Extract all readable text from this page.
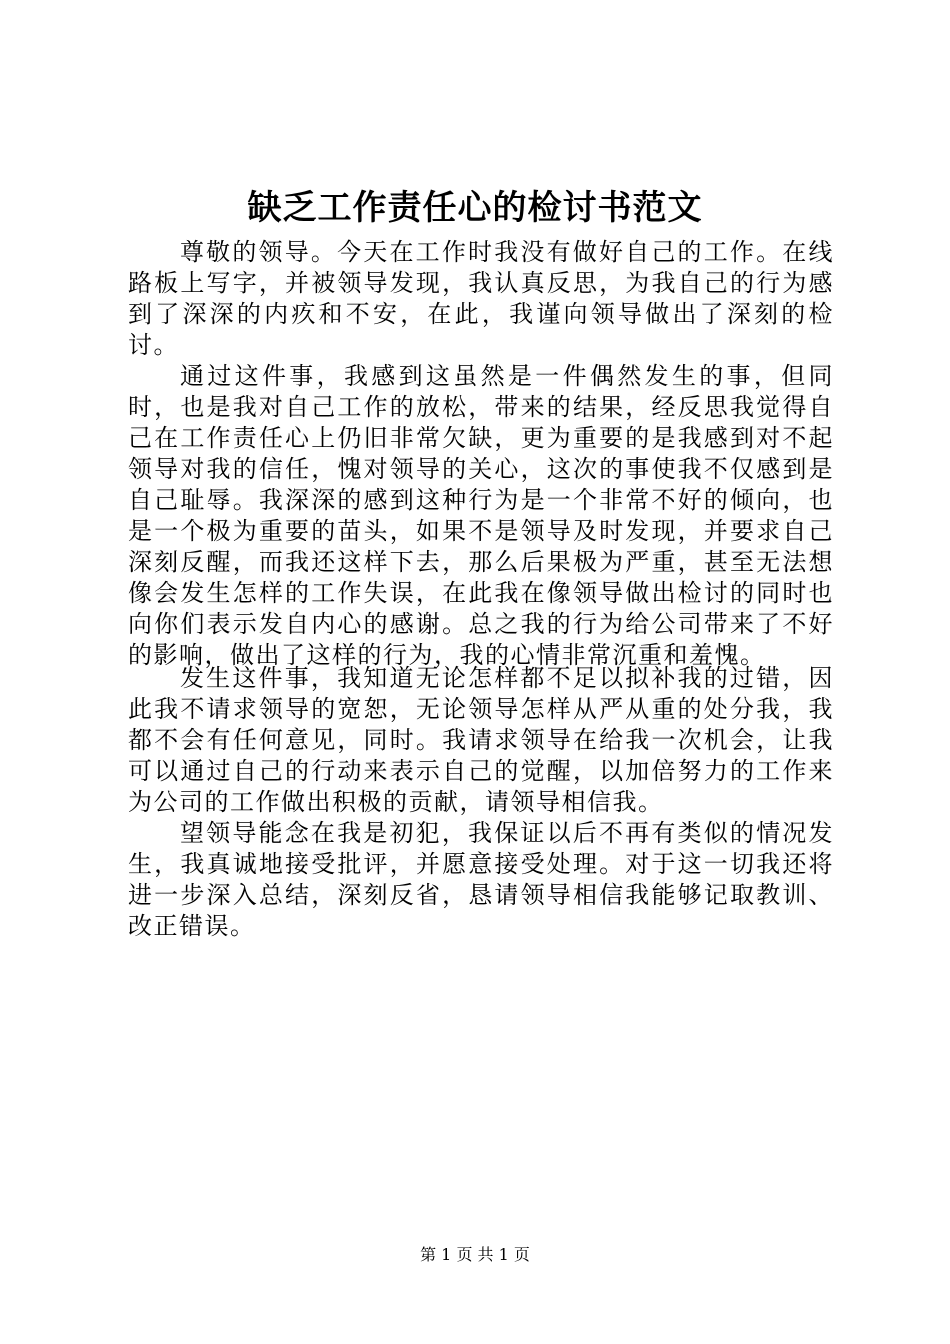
缺乏工作责任心的检讨书范文

尊敬的领导。今天在工作时我没有做好自己的工作。在线路板上写字，并被领导发现，我认真反思，为我自己的行为感到了深深的内疚和不安，在此，我谨向领导做出了深刻的检讨。

通过这件事，我感到这虽然是一件偶然发生的事，但同时，也是我对自己工作的放松，带来的结果，经反思我觉得自己在工作责任心上仍旧非常欠缺，更为重要的是我感到对不起领导对我的信任，愧对领导的关心，这次的事使我不仅感到是自己耻辱。我深深的感到这种行为是一个非常不好的倾向，也是一个极为重要的苗头，如果不是领导及时发现，并要求自己深刻反醒，而我还这样下去，那么后果极为严重，甚至无法想像会发生怎样的工作失误，在此我在像领导做出检讨的同时也向你们表示发自内心的感谢。总之我的行为给公司带来了不好的影响，做出了这样的行为，我的心情非常沉重和羞愧。

发生这件事，我知道无论怎样都不足以拟补我的过错，因此我不请求领导的宽恕，无论领导怎样从严从重的处分我，我都不会有任何意见，同时。我请求领导在给我一次机会，让我可以通过自己的行动来表示自己的觉醒，以加倍努力的工作来为公司的工作做出积极的贡献，请领导相信我。

望领导能念在我是初犯，我保证以后不再有类似的情况发生，我真诚地接受批评，并愿意接受处理。对于这一切我还将进一步深入总结，深刻反省，恳请领导相信我能够记取教训、改正错误。

第 1 页 共 1 页
